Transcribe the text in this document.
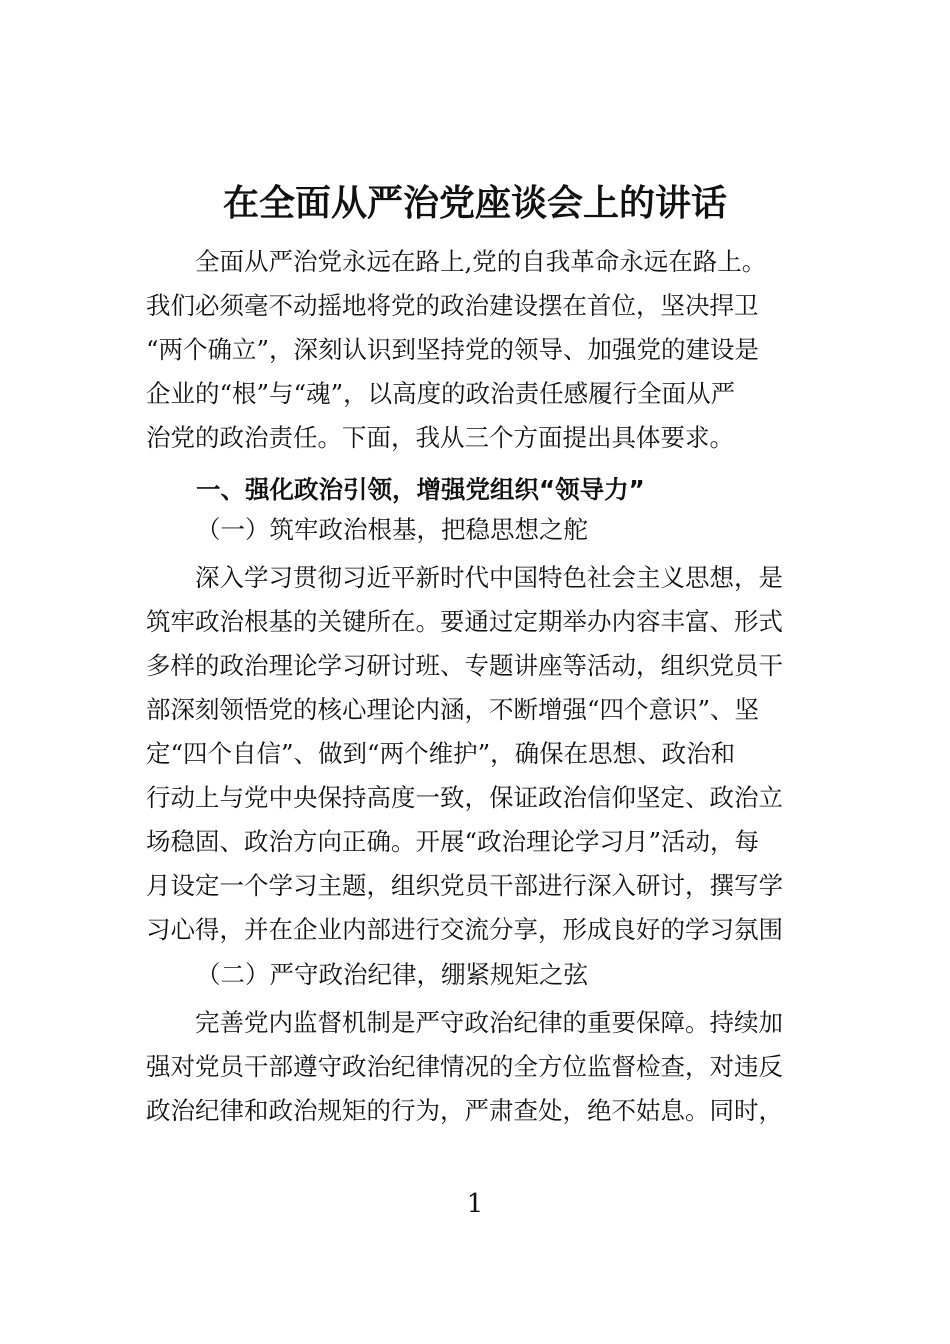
在全面从严治党座谈会上的讲话
　　全面从严治党永远在路上,党的自我革命永远在路上。
我们必须毫不动摇地将党的政治建设摆在首位，坚决捍卫
“两个确立”，深刻认识到坚持党的领导、加强党的建设是
企业的“根”与“魂”，以高度的政治责任感履行全面从严
治党的政治责任。下面，我从三个方面提出具体要求。
一、强化政治引领，增强党组织“领导力”
（一）筑牢政治根基，把稳思想之舵
　　深入学习贯彻习近平新时代中国特色社会主义思想，是
筑牢政治根基的关键所在。要通过定期举办内容丰富、形式
多样的政治理论学习研讨班、专题讲座等活动，组织党员干
部深刻领悟党的核心理论内涵，不断增强“四个意识”、坚
定“四个自信”、做到“两个维护”，确保在思想、政治和
行动上与党中央保持高度一致，保证政治信仰坚定、政治立
场稳固、政治方向正确。开展“政治理论学习月”活动，每
月设定一个学习主题，组织党员干部进行深入研讨，撰写学
习心得，并在企业内部进行交流分享，形成良好的学习氛围
（二）严守政治纪律，绷紧规矩之弦
　　完善党内监督机制是严守政治纪律的重要保障。持续加
强对党员干部遵守政治纪律情况的全方位监督检查，对违反
政治纪律和政治规矩的行为，严肃查处，绝不姑息。同时，
1
